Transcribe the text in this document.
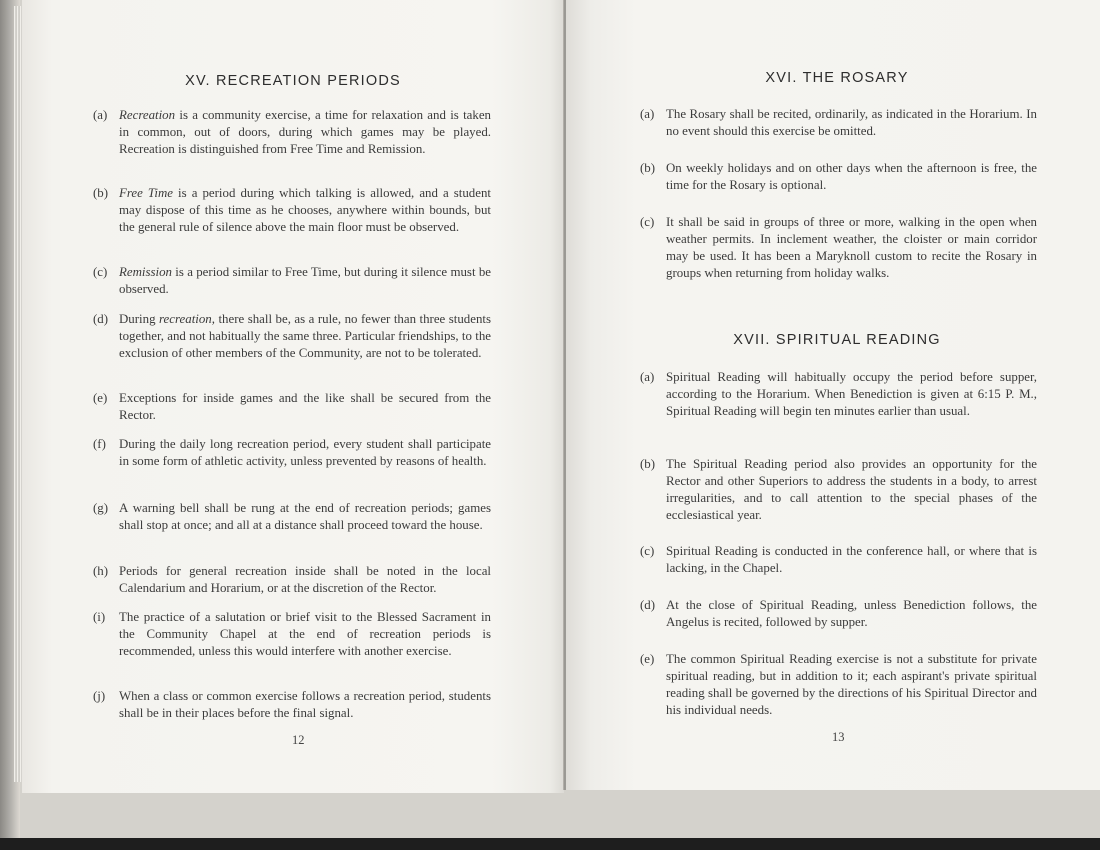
XV. RECREATION PERIODS
(a) Recreation is a community exercise, a time for relaxation and is taken in common, out of doors, during which games may be played. Recreation is distinguished from Free Time and Remission.
(b) Free Time is a period during which talking is allowed, and a student may dispose of this time as he chooses, anywhere within bounds, but the general rule of silence above the main floor must be observed.
(c) Remission is a period similar to Free Time, but during it silence must be observed.
(d) During recreation, there shall be, as a rule, no fewer than three students together, and not habitually the same three. Particular friendships, to the exclusion of other members of the Community, are not to be tolerated.
(e) Exceptions for inside games and the like shall be secured from the Rector.
(f) During the daily long recreation period, every student shall participate in some form of athletic activity, unless prevented by reasons of health.
(g) A warning bell shall be rung at the end of recreation periods; games shall stop at once; and all at a distance shall proceed toward the house.
(h) Periods for general recreation inside shall be noted in the local Calendarium and Horarium, or at the discretion of the Rector.
(i) The practice of a salutation or brief visit to the Blessed Sacrament in the Community Chapel at the end of recreation periods is recommended, unless this would interfere with another exercise.
(j) When a class or common exercise follows a recreation period, students shall be in their places before the final signal.
12
XVI. THE ROSARY
(a) The Rosary shall be recited, ordinarily, as indicated in the Horarium. In no event should this exercise be omitted.
(b) On weekly holidays and on other days when the afternoon is free, the time for the Rosary is optional.
(c) It shall be said in groups of three or more, walking in the open when weather permits. In inclement weather, the cloister or main corridor may be used. It has been a Maryknoll custom to recite the Rosary in groups when returning from holiday walks.
XVII. SPIRITUAL READING
(a) Spiritual Reading will habitually occupy the period before supper, according to the Horarium. When Benediction is given at 6:15 P. M., Spiritual Reading will begin ten minutes earlier than usual.
(b) The Spiritual Reading period also provides an opportunity for the Rector and other Superiors to address the students in a body, to arrest irregularities, and to call attention to the special phases of the ecclesiastical year.
(c) Spiritual Reading is conducted in the conference hall, or where that is lacking, in the Chapel.
(d) At the close of Spiritual Reading, unless Benediction follows, the Angelus is recited, followed by supper.
(e) The common Spiritual Reading exercise is not a substitute for private spiritual reading, but in addition to it; each aspirant's private spiritual reading shall be governed by the directions of his Spiritual Director and his individual needs.
13
